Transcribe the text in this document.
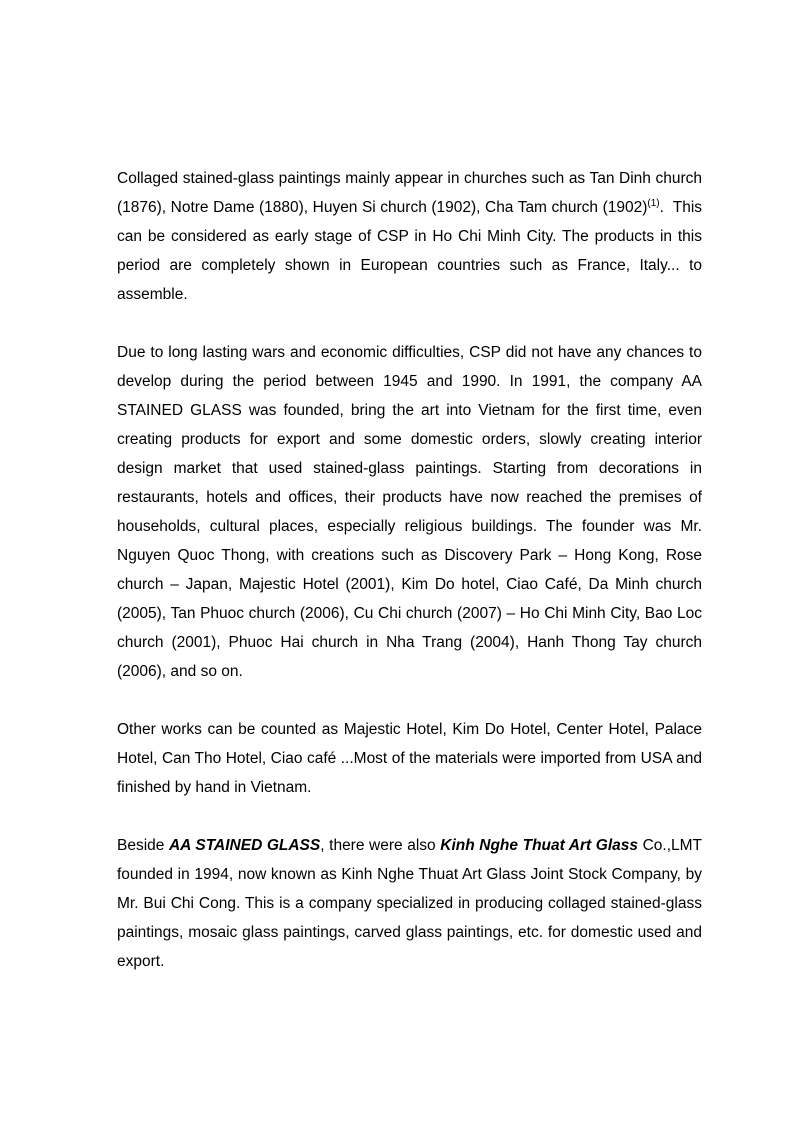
Collaged stained-glass paintings mainly appear in churches such as Tan Dinh church (1876), Notre Dame (1880), Huyen Si church (1902), Cha Tam church $(1902)^{(1)}$.  This can be considered as early stage of CSP in Ho Chi Minh City. The products in this period are completely shown in European countries such as France, Italy... to assemble.

Due to long lasting wars and economic difficulties, CSP did not have any chances to develop during the period between 1945 and 1990. In 1991, the company AA STAINED GLASS was founded, bring the art into Vietnam for the first time, even creating products for export and some domestic orders, slowly creating interior design market that used stained-glass paintings. Starting from decorations in restaurants, hotels and offices, their products have now reached the premises of households, cultural places, especially religious buildings. The founder was Mr. Nguyen Quoc Thong, with creations such as Discovery Park – Hong Kong, Rose church – Japan, Majestic Hotel (2001), Kim Do hotel, Ciao Café, Da Minh church (2005), Tan Phuoc church (2006), Cu Chi church (2007) – Ho Chi Minh City, Bao Loc church (2001), Phuoc Hai church in Nha Trang (2004), Hanh Thong Tay church (2006), and so on.

Other works can be counted as Majestic Hotel, Kim Do Hotel, Center Hotel, Palace Hotel, Can Tho Hotel, Ciao café ...Most of the materials were imported from USA and finished by hand in Vietnam.

Beside AA STAINED GLASS, there were also Kinh Nghe Thuat Art Glass Co.,LMT founded in 1994, now known as Kinh Nghe Thuat Art Glass Joint Stock Company, by Mr. Bui Chi Cong. This is a company specialized in producing collaged stained-glass paintings, mosaic glass paintings, carved glass paintings, etc. for domestic used and export.
